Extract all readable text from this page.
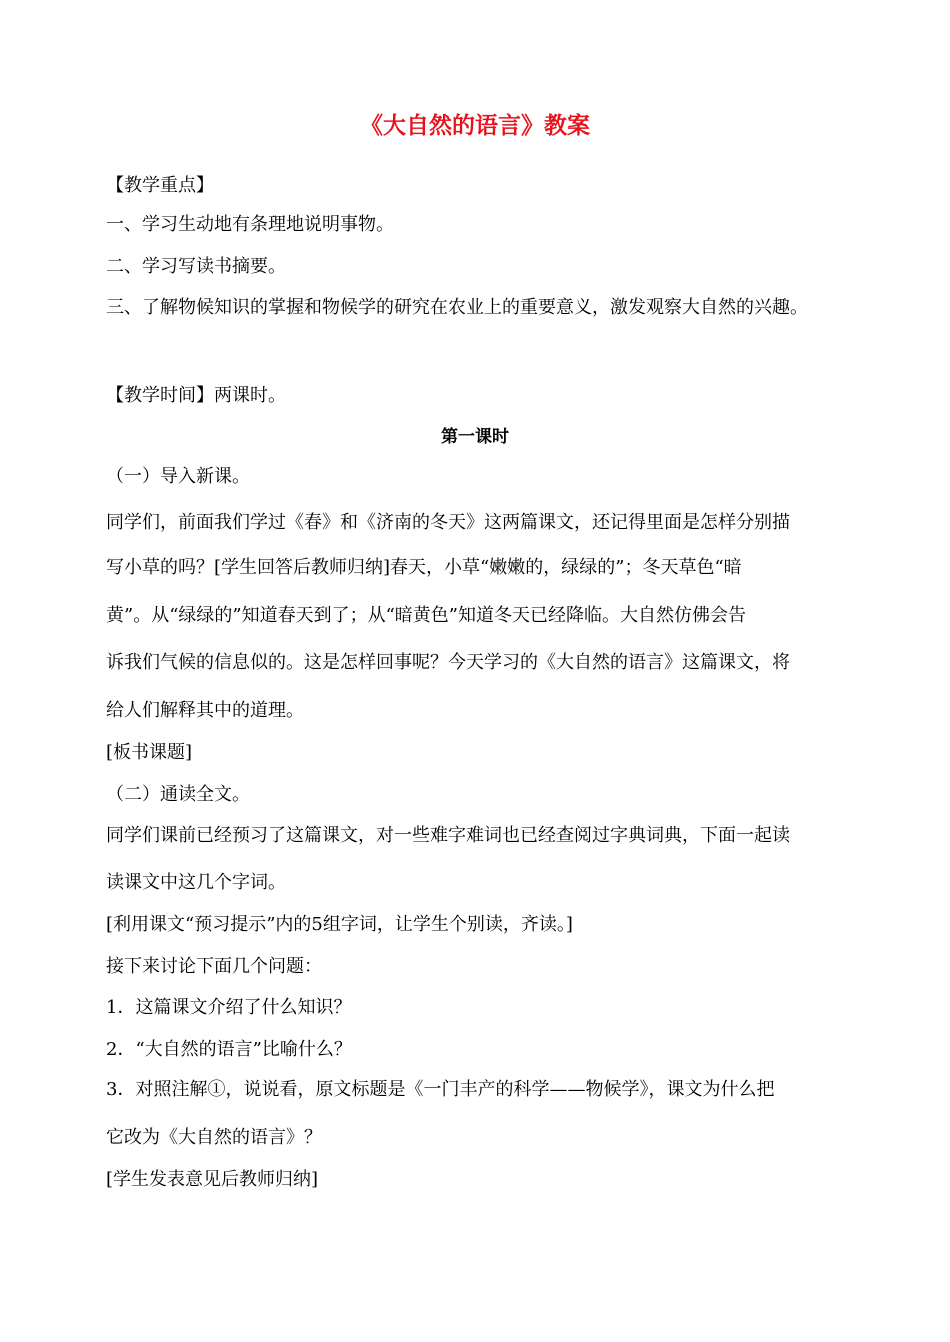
《大自然的语言》教案
【教学重点】
一、学习生动地有条理地说明事物。
二、学习写读书摘要。
三、了解物候知识的掌握和物候学的研究在农业上的重要意义，激发观察大自然的兴趣。
【教学时间】两课时。
第一课时
（一）导入新课。
同学们，前面我们学过《春》和《济南的冬天》这两篇课文，还记得里面是怎样分别描
写小草的吗？[学生回答后教师归纳]春天，小草“嫩嫩的，绿绿的”；冬天草色“暗
黄”。从“绿绿的”知道春天到了；从“暗黄色”知道冬天已经降临。大自然仿佛会告
诉我们气候的信息似的。这是怎样回事呢？今天学习的《大自然的语言》这篇课文，将
给人们解释其中的道理。
[板书课题]
（二）通读全文。
同学们课前已经预习了这篇课文，对一些难字难词也已经查阅过字典词典，下面一起读
读课文中这几个字词。
[利用课文“预习提示”内的5组字词，让学生个别读，齐读。]
接下来讨论下面几个问题：
1．这篇课文介绍了什么知识？
2．“大自然的语言”比喻什么？
3．对照注解①，说说看，原文标题是《一门丰产的科学——物候学》，课文为什么把
它改为《大自然的语言》？
[学生发表意见后教师归纳]
